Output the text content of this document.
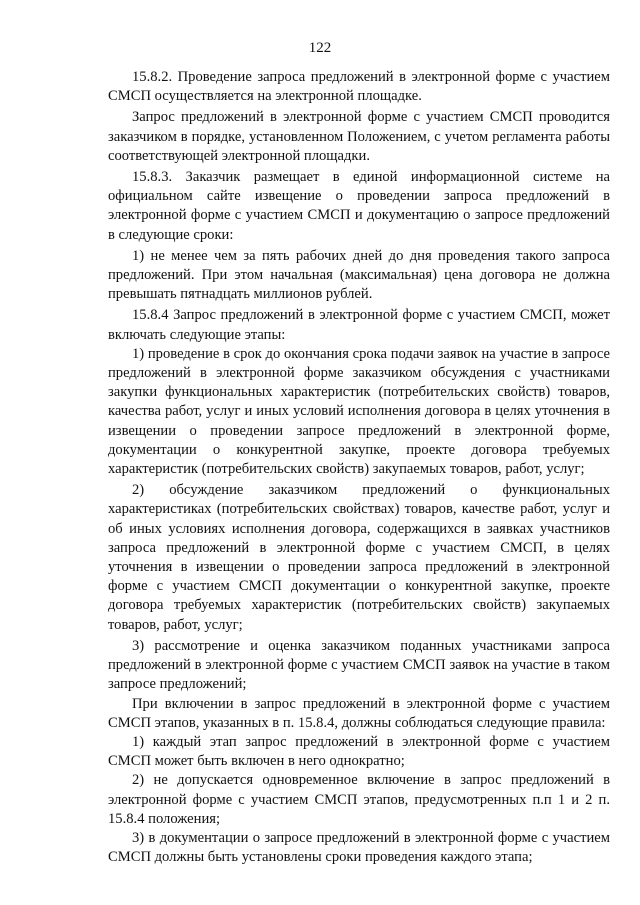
122

15.8.2. Проведение запроса предложений в электронной форме с участием СМСП осуществляется на электронной площадке.

Запрос предложений в электронной форме с участием СМСП проводится заказчиком в порядке, установленном Положением, с учетом регламента работы соответствующей электронной площадки.

15.8.3. Заказчик размещает в единой информационной системе на официальном сайте извещение о проведении запроса предложений в электронной форме с участием СМСП и документацию о запросе предложений в следующие сроки:

1) не менее чем за пять рабочих дней до дня проведения такого запроса предложений. При этом начальная (максимальная) цена договора не должна превышать пятнадцать миллионов рублей.

15.8.4 Запрос предложений в электронной форме с участием СМСП, может включать следующие этапы:

1) проведение в срок до окончания срока подачи заявок на участие в запросе предложений в электронной форме заказчиком обсуждения с участниками закупки функциональных характеристик (потребительских свойств) товаров, качества работ, услуг и иных условий исполнения договора в целях уточнения в извещении о проведении запросе предложений в электронной форме, документации о конкурентной закупке, проекте договора требуемых характеристик (потребительских свойств) закупаемых товаров, работ, услуг;

2) обсуждение заказчиком предложений о функциональных характеристиках (потребительских свойствах) товаров, качестве работ, услуг и об иных условиях исполнения договора, содержащихся в заявках участников запроса предложений в электронной форме с участием СМСП, в целях уточнения в извещении о проведении запроса предложений в электронной форме с участием СМСП документации о конкурентной закупке, проекте договора требуемых характеристик (потребительских свойств) закупаемых товаров, работ, услуг;

3) рассмотрение и оценка заказчиком поданных участниками запроса предложений в электронной форме с участием СМСП заявок на участие в таком запросе предложений;

При включении в запрос предложений в электронной форме с участием СМСП этапов, указанных в п. 15.8.4, должны соблюдаться следующие правила:

1) каждый этап запрос предложений в электронной форме с участием СМСП может быть включен в него однократно;

2) не допускается одновременное включение в запрос предложений в электронной форме с участием СМСП этапов, предусмотренных п.п 1 и 2 п. 15.8.4 положения;

3) в документации о запросе предложений в электронной форме с участием СМСП должны быть установлены сроки проведения каждого этапа;
